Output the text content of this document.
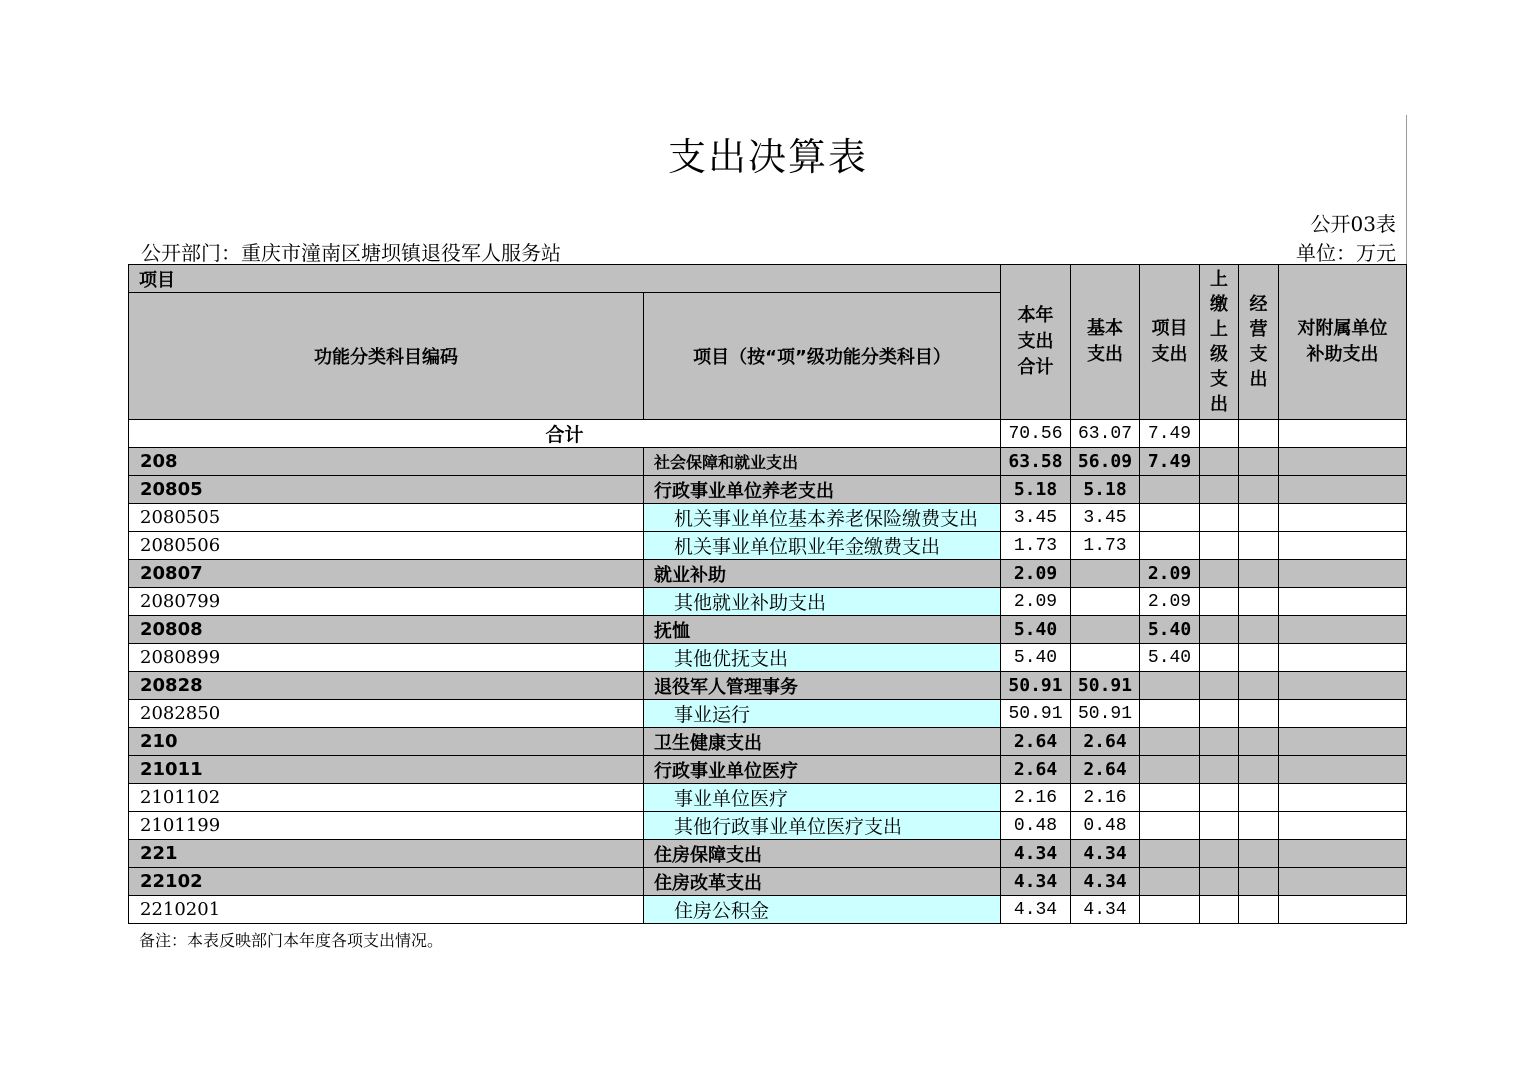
支出决算表
公开03表
公开部门：重庆市潼南区塘坝镇退役军人服务站	单位：万元
项目		本年支出合计	基本支出	项目支出	上缴上级支出	经营支出	对附属单位补助支出

功能分类科目编码	项目（按“项”级功能分类科目）						
合计		70.56	63.07	7.49			
208	社会保障和就业支出	63.58	56.09	7.49			
20805	行政事业单位养老支出	5.18	5.18				
2080505	机关事业单位基本养老保险缴费支出	3.45	3.45				
2080506	机关事业单位职业年金缴费支出	1.73	1.73				
20807	就业补助	2.09		2.09			
2080799	其他就业补助支出	2.09		2.09			
20808	抚恤	5.40		5.40			
2080899	其他优抚支出	5.40		5.40			
20828	退役军人管理事务	50.91	50.91				
2082850	事业运行	50.91	50.91				
210	卫生健康支出	2.64	2.64				
21011	行政事业单位医疗	2.64	2.64				
2101102	事业单位医疗	2.16	2.16				
2101199	其他行政事业单位医疗支出	0.48	0.48				
221	住房保障支出	4.34	4.34				
22102	住房改革支出	4.34	4.34				
2210201	住房公积金	4.34	4.34				
备注：本表反映部门本年度各项支出情况。
